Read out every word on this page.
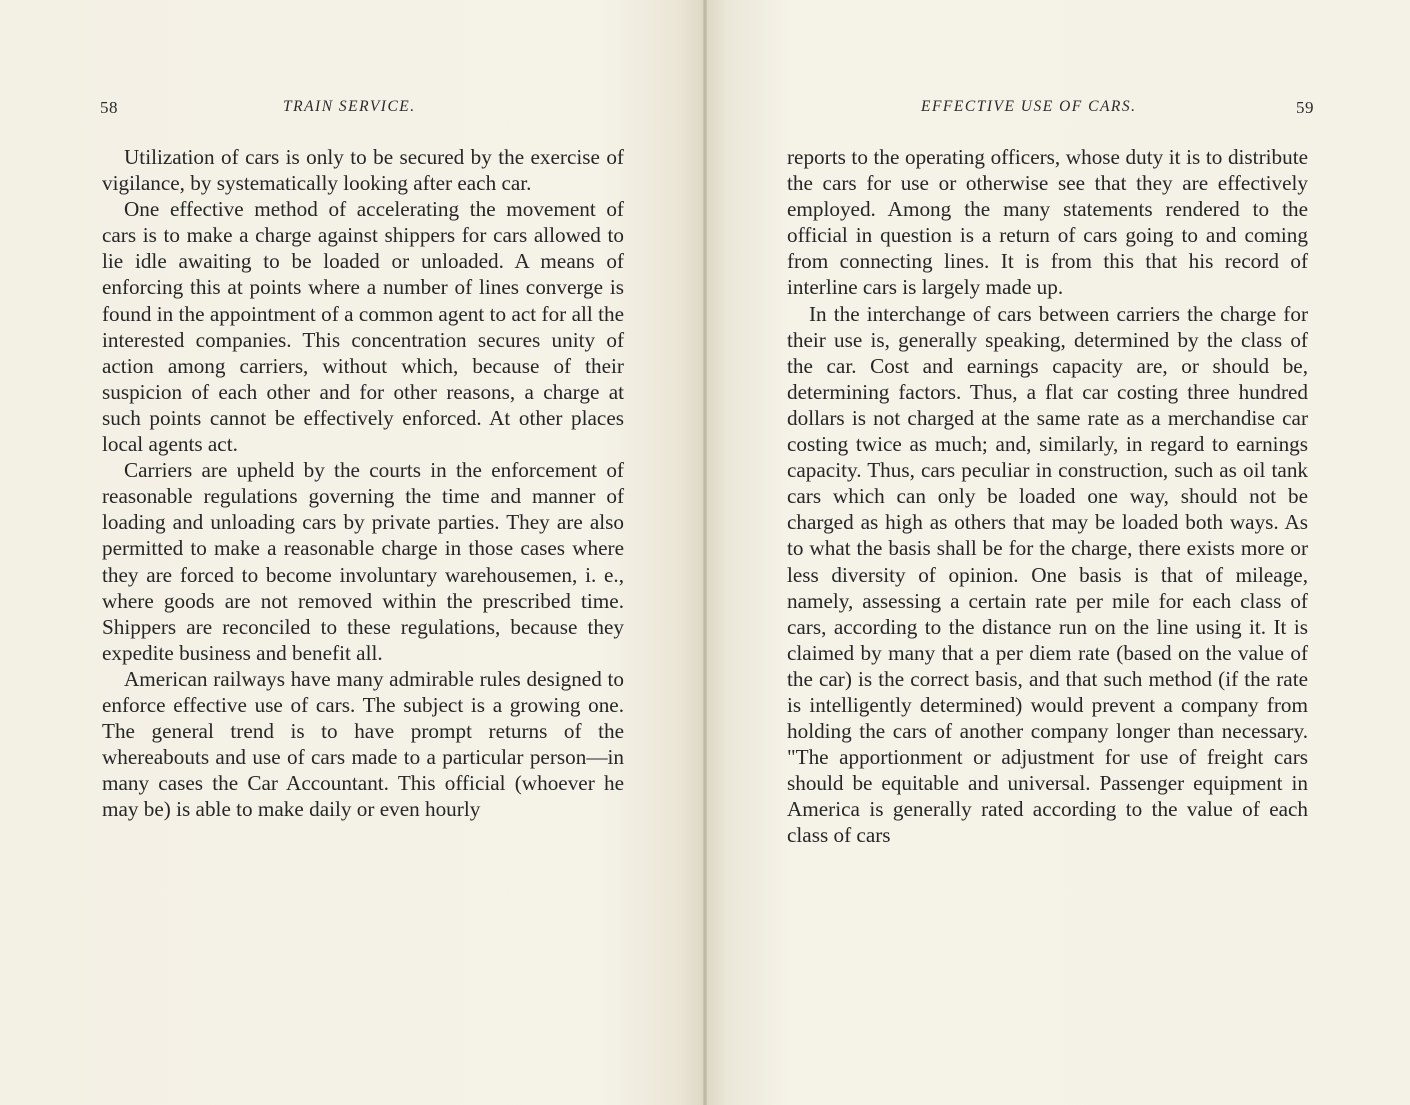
58	TRAIN SERVICE.

Utilization of cars is only to be secured by the exercise of vigilance, by systematically looking after each car.

One effective method of accelerating the movement of cars is to make a charge against shippers for cars allowed to lie idle awaiting to be loaded or unloaded. A means of enforcing this at points where a number of lines converge is found in the appointment of a common agent to act for all the interested companies. This concentration secures unity of action among carriers, without which, because of their suspicion of each other and for other reasons, a charge at such points cannot be effectively enforced. At other places local agents act.

Carriers are upheld by the courts in the enforcement of reasonable regulations governing the time and manner of loading and unloading cars by private parties. They are also permitted to make a reasonable charge in those cases where they are forced to become involuntary warehousemen, i. e., where goods are not removed within the prescribed time. Shippers are reconciled to these regulations, because they expedite business and benefit all.

American railways have many admirable rules designed to enforce effective use of cars. The subject is a growing one. The general trend is to have prompt returns of the whereabouts and use of cars made to a particular person—in many cases the Car Accountant. This official (whoever he may be) is able to make daily or even hourly

EFFECTIVE USE OF CARS.	59

reports to the operating officers, whose duty it is to distribute the cars for use or otherwise see that they are effectively employed. Among the many statements rendered to the official in question is a return of cars going to and coming from connecting lines. It is from this that his record of interline cars is largely made up.

In the interchange of cars between carriers the charge for their use is, generally speaking, determined by the class of the car. Cost and earnings capacity are, or should be, determining factors. Thus, a flat car costing three hundred dollars is not charged at the same rate as a merchandise car costing twice as much; and, similarly, in regard to earnings capacity. Thus, cars peculiar in construction, such as oil tank cars which can only be loaded one way, should not be charged as high as others that may be loaded both ways. As to what the basis shall be for the charge, there exists more or less diversity of opinion. One basis is that of mileage, namely, assessing a certain rate per mile for each class of cars, according to the distance run on the line using it. It is claimed by many that a per diem rate (based on the value of the car) is the correct basis, and that such method (if the rate is intelligently determined) would prevent a company from holding the cars of another company longer than necessary. "The apportionment or adjustment for use of freight cars should be equitable and universal. Passenger equipment in America is generally rated according to the value of each class of cars
